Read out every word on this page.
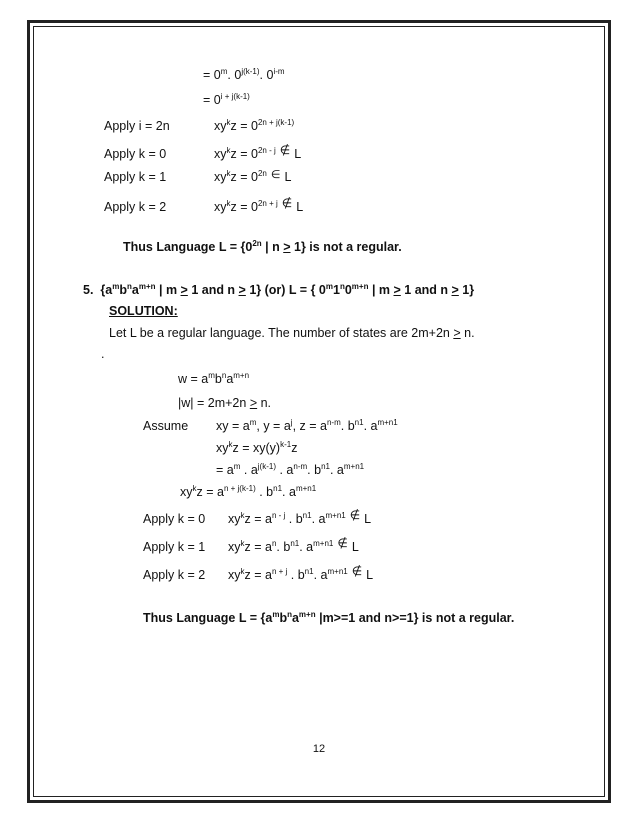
= $0^m$. $0^{j(k-1)}$. $0^{i-m}$
= $0^{i + j(k-1)}$
Apply i = 2n	$xy^kz = 0^{2n + j(k-1)}$
Apply k = 0	$xy^kz = 0^{2n - j}$ ∉ L
Apply k = 1	$xy^kz = 0^{2n}$ ∈ L
Apply k = 2	$xy^kz = 0^{2n + j}$ ∉ L
Thus Language $L = \{0^{2n}$ | n > 1} is not a regular.
5. {$a^mb^na^{m+n}$ | m > 1 and n > 1} (or) L = { $0^m1^n0^{m+n}$ | m > 1 and n > 1}
SOLUTION:
Let L be a regular language. The number of states are 2m+2n > n.
.
$w = a^mb^na^{m+n}$
|w| = 2m+2n > n.
Assume xy = $a^m$, $y = a^j$, $z = a^{n-m}$. $b^{n1}$. $a^{m+n1}$
$xy^kz = xy(y)^{k-1}z$
= $a^m$ . $a^{j(k-1)}$ . $a^{n-m}$. $b^{n1}$. $a^{m+n1}$
$xy^kz = a^{n + j(k-1)}$ . $b^{n1}$. $a^{m+n1}$
Apply k = 0 $xy^kz = a^{n - j}$ . $b^{n1}$. $a^{m+n1}$ ∉ L
Apply k = 1 $xy^kz = a^n$. $b^{n1}$. $a^{m+n1}$ ∉ L
Apply k = 2 $xy^kz = a^{n + j}$ . $b^{n1}$. $a^{m+n1}$ ∉ L
Thus Language $L = \{a^mb^na^{m+n}$ |m>=1 and n>=1} is not a regular.
12
